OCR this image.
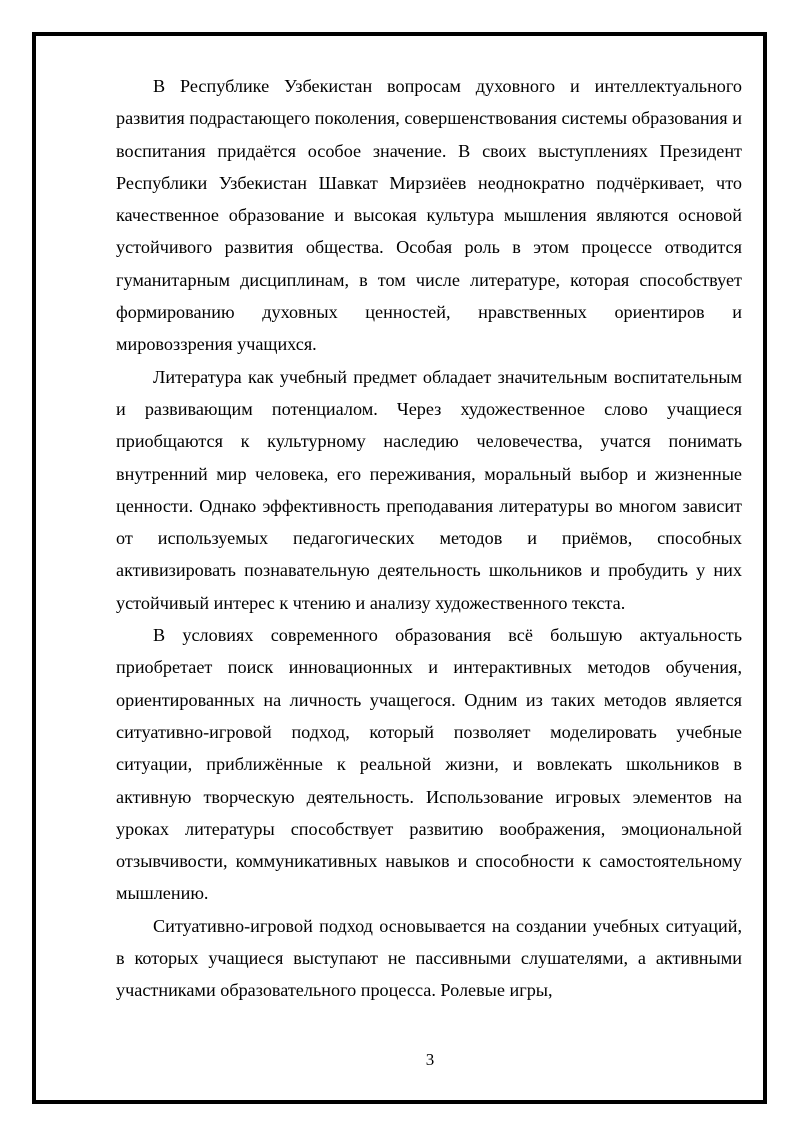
В Республике Узбекистан вопросам духовного и интеллектуального развития подрастающего поколения, совершенствования системы образования и воспитания придаётся особое значение. В своих выступлениях Президент Республики Узбекистан Шавкат Мирзиёев неоднократно подчёркивает, что качественное образование и высокая культура мышления являются основой устойчивого развития общества. Особая роль в этом процессе отводится гуманитарным дисциплинам, в том числе литературе, которая способствует формированию духовных ценностей, нравственных ориентиров и мировоззрения учащихся.

Литература как учебный предмет обладает значительным воспитательным и развивающим потенциалом. Через художественное слово учащиеся приобщаются к культурному наследию человечества, учатся понимать внутренний мир человека, его переживания, моральный выбор и жизненные ценности. Однако эффективность преподавания литературы во многом зависит от используемых педагогических методов и приёмов, способных активизировать познавательную деятельность школьников и пробудить у них устойчивый интерес к чтению и анализу художественного текста.

В условиях современного образования всё большую актуальность приобретает поиск инновационных и интерактивных методов обучения, ориентированных на личность учащегося. Одним из таких методов является ситуативно-игровой подход, который позволяет моделировать учебные ситуации, приближённые к реальной жизни, и вовлекать школьников в активную творческую деятельность. Использование игровых элементов на уроках литературы способствует развитию воображения, эмоциональной отзывчивости, коммуникативных навыков и способности к самостоятельному мышлению.

Ситуативно-игровой подход основывается на создании учебных ситуаций, в которых учащиеся выступают не пассивными слушателями, а активными участниками образовательного процесса. Ролевые игры,

3
